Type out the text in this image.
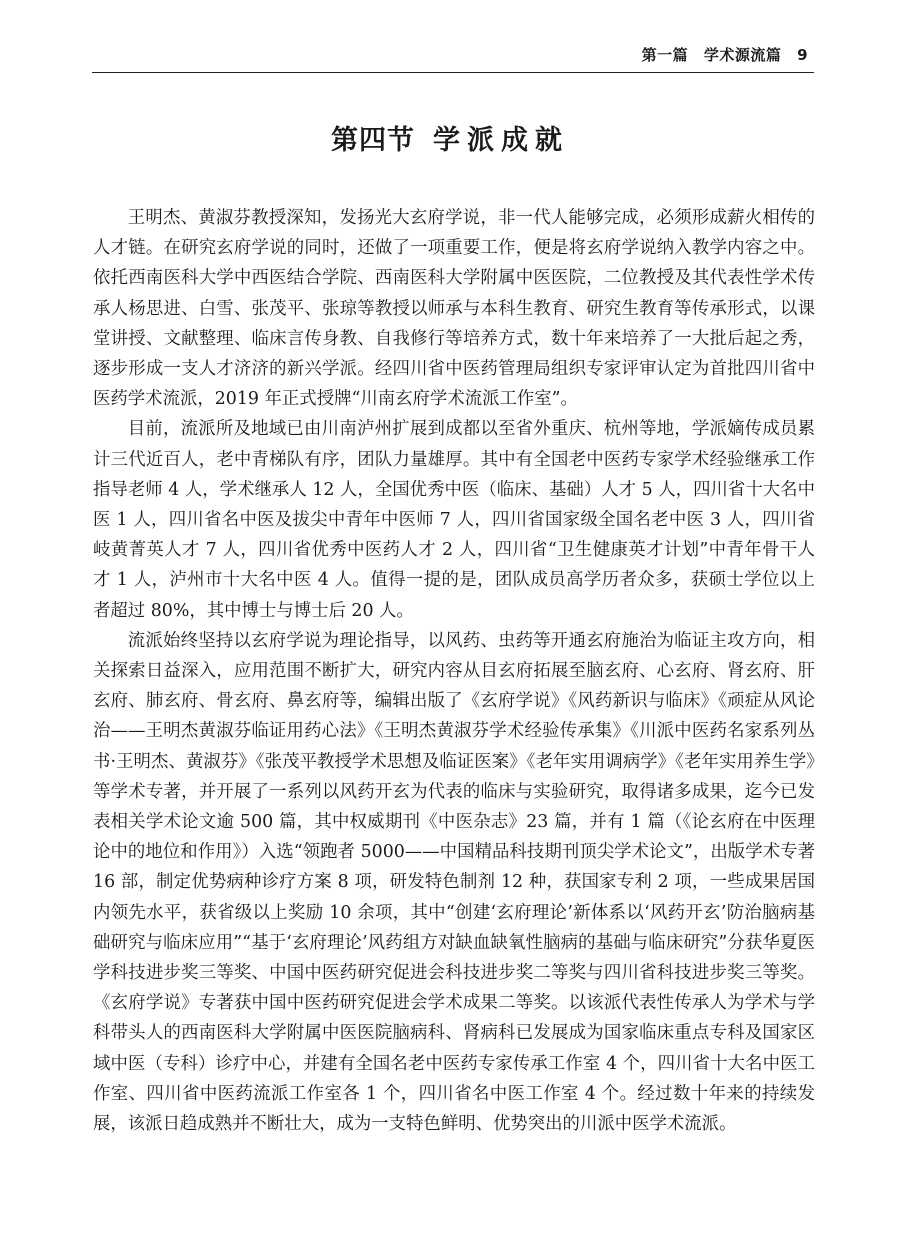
第一篇 学术源流篇 9
第四节 学派成就

王明杰、黄淑芬教授深知，发扬光大玄府学说，非一代人能够完成，必须形成薪火相传的人才链。在研究玄府学说的同时，还做了一项重要工作，便是将玄府学说纳入教学内容之中。依托西南医科大学中西医结合学院、西南医科大学附属中医医院，二位教授及其代表性学术传承人杨思进、白雪、张茂平、张琼等教授以师承与本科生教育、研究生教育等传承形式，以课堂讲授、文献整理、临床言传身教、自我修行等培养方式，数十年来培养了一大批后起之秀，逐步形成一支人才济济的新兴学派。经四川省中医药管理局组织专家评审认定为首批四川省中医药学术流派，2019 年正式授牌“川南玄府学术流派工作室”。

目前，流派所及地域已由川南泸州扩展到成都以至省外重庆、杭州等地，学派嫡传成员累计三代近百人，老中青梯队有序，团队力量雄厚。其中有全国老中医药专家学术经验继承工作指导老师 4 人，学术继承人 12 人，全国优秀中医（临床、基础）人才 5 人，四川省十大名中医 1 人，四川省名中医及拔尖中青年中医师 7 人，四川省国家级全国名老中医 3 人，四川省岐黄菁英人才 7 人，四川省优秀中医药人才 2 人，四川省“卫生健康英才计划”中青年骨干人才 1 人，泸州市十大名中医 4 人。值得一提的是，团队成员高学历者众多，获硕士学位以上者超过 80%，其中博士与博士后 20 人。

流派始终坚持以玄府学说为理论指导，以风药、虫药等开通玄府施治为临证主攻方向，相关探索日益深入，应用范围不断扩大，研究内容从目玄府拓展至脑玄府、心玄府、肾玄府、肝玄府、肺玄府、骨玄府、鼻玄府等，编辑出版了《玄府学说》《风药新识与临床》《顽症从风论治——王明杰黄淑芬临证用药心法》《王明杰黄淑芬学术经验传承集》《川派中医药名家系列丛书·王明杰、黄淑芬》《张茂平教授学术思想及临证医案》《老年实用调病学》《老年实用养生学》等学术专著，并开展了一系列以风药开玄为代表的临床与实验研究，取得诸多成果，迄今已发表相关学术论文逾 500 篇，其中权威期刊《中医杂志》23 篇，并有 1 篇（《论玄府在中医理论中的地位和作用》）入选“领跑者 5000——中国精品科技期刊顶尖学术论文”，出版学术专著 16 部，制定优势病种诊疗方案 8 项，研发特色制剂 12 种，获国家专利 2 项，一些成果居国内领先水平，获省级以上奖励 10 余项，其中“创建‘玄府理论’新体系以‘风药开玄’防治脑病基础研究与临床应用”“基于‘玄府理论’风药组方对缺血缺氧性脑病的基础与临床研究”分获华夏医学科技进步奖三等奖、中国中医药研究促进会科技进步奖二等奖与四川省科技进步奖三等奖。《玄府学说》专著获中国中医药研究促进会学术成果二等奖。以该派代表性传承人为学术与学科带头人的西南医科大学附属中医医院脑病科、肾病科已发展成为国家临床重点专科及国家区域中医（专科）诊疗中心，并建有全国名老中医药专家传承工作室 4 个，四川省十大名中医工作室、四川省中医药流派工作室各 1 个，四川省名中医工作室 4 个。经过数十年来的持续发展，该派日趋成熟并不断壮大，成为一支特色鲜明、优势突出的川派中医学术流派。
